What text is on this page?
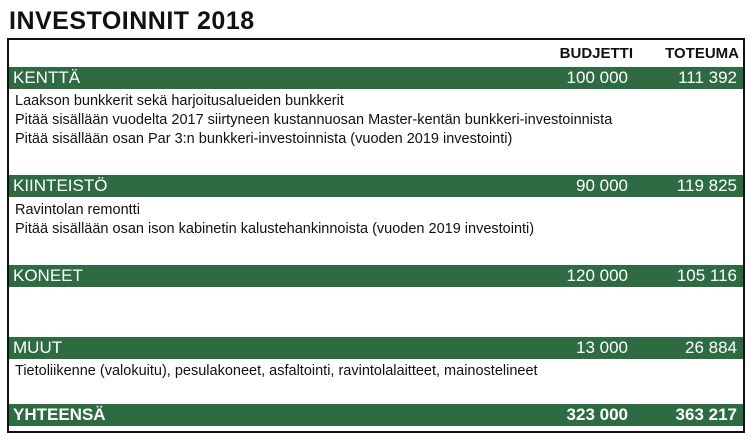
INVESTOINNIT 2018
BUDJETTI TOTEUMA
KENTTÄ	100 000	111 392
Laakson bunkkerit sekä harjoitusalueiden bunkkerit
Pitää sisällään vuodelta 2017 siirtyneen kustannuosan Master-kentän bunkkeri-investoinnista
Pitää sisällään osan Par 3:n bunkkeri-investoinnista (vuoden 2019 investointi)
KIINTEISTÖ	90 000	119 825
Ravintolan remontti
Pitää sisällään osan ison kabinetin kalustehankinnoista (vuoden 2019 investointi)
KONEET	120 000	105 116
MUUT	13 000	26 884
Tietoliikenne (valokuitu), pesulakoneet, asfaltointi, ravintolalaitteet, mainostelineet
YHTEENSÄ	323 000	363 217
